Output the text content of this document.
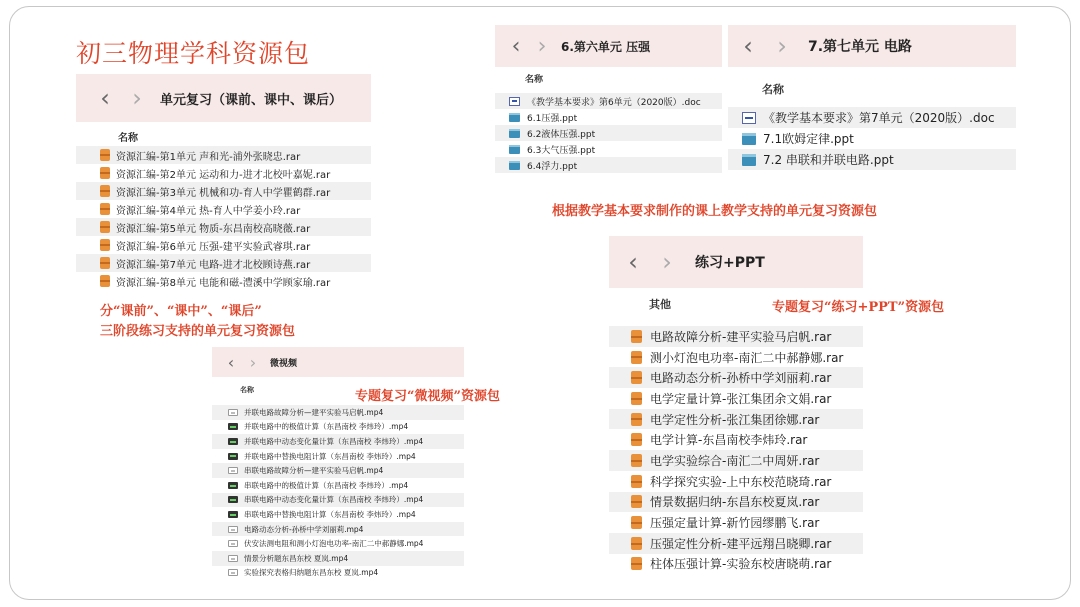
初三物理学科资源包
‹ ›	单元复习（课前、课中、课后）
名称
资源汇编-第1单元 声和光-浦外张晓忠.rar
资源汇编-第2单元 运动和力-进才北校叶嘉妮.rar
资源汇编-第3单元 机械和功-育人中学瞿鹤群.rar
资源汇编-第4单元 热-育人中学姜小玲.rar
资源汇编-第5单元 物质-东昌南校高晓薇.rar
资源汇编-第6单元 压强-建平实验武睿琪.rar
资源汇编-第7单元 电路-进才北校顾诗燕.rar
资源汇编-第8单元 电能和磁-澧溪中学顾家瑜.rar
‹ ›	6.第六单元 压强
名称
《教学基本要求》第6单元（2020版）.doc
6.1压强.ppt
6.2液体压强.ppt
6.3大气压强.ppt
6.4浮力.ppt
‹ ›	7.第七单元 电路
名称
《教学基本要求》第7单元（2020版）.doc
7.1欧姆定律.ppt
7.2 串联和并联电路.ppt
‹ ›	练习+PPT
其他
电路故障分析-建平实验马启帆.rar
测小灯泡电功率-南汇二中郝静娜.rar
电路动态分析-孙桥中学刘丽莉.rar
电学定量计算-张江集团余文娟.rar
电学定性分析-张江集团徐娜.rar
电学计算-东昌南校李炜玲.rar
电学实验综合-南汇二中周妍.rar
科学探究实验-上中东校范晓琦.rar
情景数据归纳-东昌东校夏岚.rar
压强定量计算-新竹园缪鹏飞.rar
压强定性分析-建平远翔吕晓卿.rar
柱体压强计算-实验东校唐晓萌.rar
‹ ›	微视频
名称
并联电路故障分析—建平实验马启帆.mp4
并联电路中的极值计算（东昌南校 李炜玲）.mp4
并联电路中动态变化量计算（东昌南校 李炜玲）.mp4
并联电路中替换电阻计算（东昌南校 李炜玲）.mp4
串联电路故障分析—建平实验马启帆.mp4
串联电路中的极值计算（东昌南校 李炜玲）.mp4
串联电路中动态变化量计算（东昌南校 李炜玲）.mp4
串联电路中替换电阻计算（东昌南校 李炜玲）.mp4
电路动态分析-孙桥中学刘丽莉.mp4
伏安法测电阻和测小灯泡电功率-南汇二中郝静娜.mp4
情景分析题东昌东校 夏岚.mp4
实验探究表格归纳题东昌东校 夏岚.mp4
根据教学基本要求制作的课上教学支持的单元复习资源包
分“课前”、“课中”、“课后”
三阶段练习支持的单元复习资源包
专题复习“练习+PPT”资源包
专题复习“微视频”资源包
